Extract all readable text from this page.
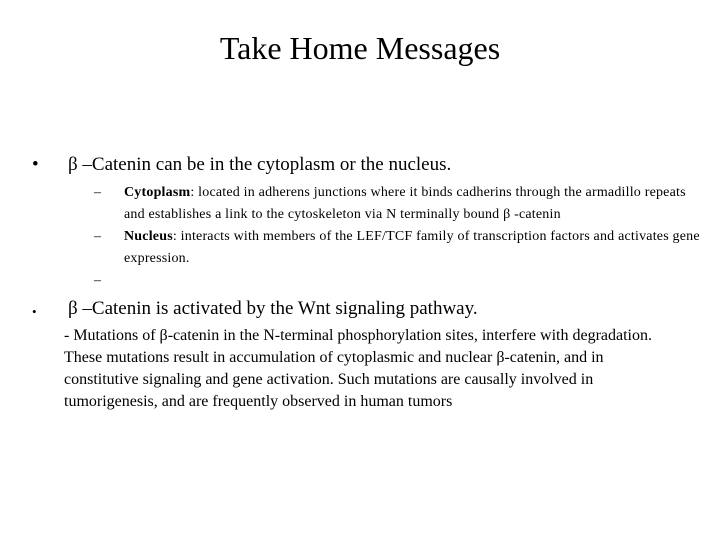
Take Home Messages
• β –Catenin can be in the cytoplasm or the nucleus.
– Cytoplasm: located in adherens junctions where it binds cadherins through the armadillo repeats and establishes a link to the cytoskeleton via N terminally bound β -catenin
– Nucleus: interacts with members of the LEF/TCF family of transcription factors and activates gene expression.
–
• β –Catenin is activated by the Wnt signaling pathway.
- Mutations of β-catenin in the N-terminal phosphorylation sites, interfere with degradation. These mutations result in accumulation of cytoplasmic and nuclear β-catenin, and in constitutive signaling and gene activation. Such mutations are causally involved in tumorigenesis, and are frequently observed in human tumors
